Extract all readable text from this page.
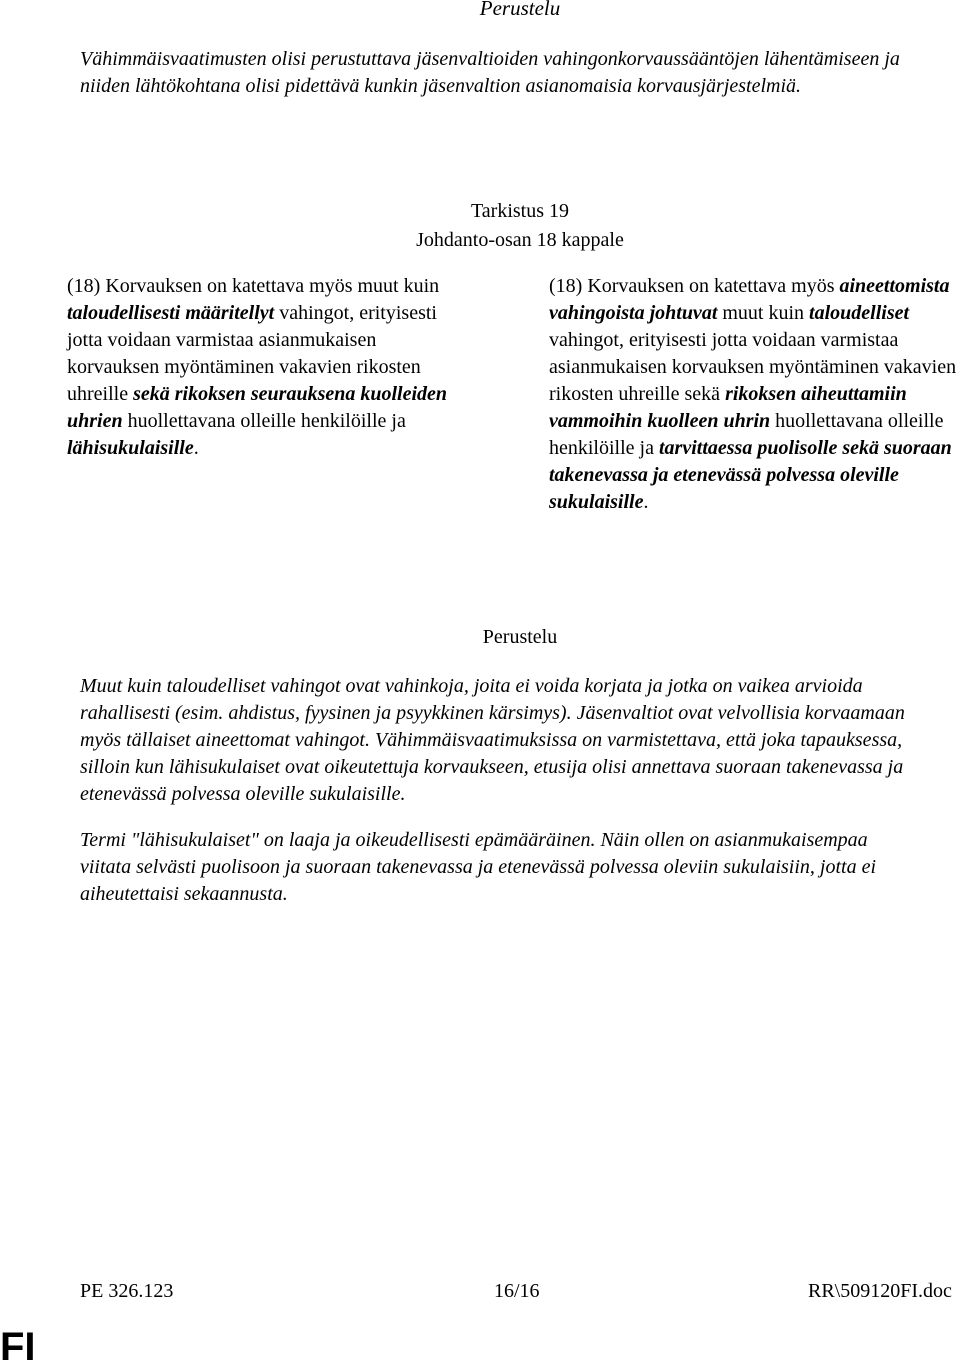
Perustelu
Vähimmäisvaatimusten olisi perustuttava jäsenvaltioiden vahingonkorvaussääntöjen lähentämiseen ja niiden lähtökohtana olisi pidettävä kunkin jäsenvaltion asianomaisia korvausjärjestelmiä.
Tarkistus 19
Johdanto-osan 18 kappale

(18) Korvauksen on katettava myös muut kuin taloudellisesti määritellyt vahingot, erityisesti jotta voidaan varmistaa asianmukaisen korvauksen myöntäminen vakavien rikosten uhreille sekä rikoksen seurauksena kuolleiden uhrien huollettavana olleille henkilöille ja lähisukulaisille.

(18) Korvauksen on katettava myös aineettomista vahingoista johtuvat muut kuin taloudelliset vahingot, erityisesti jotta voidaan varmistaa asianmukaisen korvauksen myöntäminen vakavien rikosten uhreille sekä rikoksen aiheuttamiin vammoihin kuolleen uhrin huollettavana olleille henkilöille ja tarvittaessa puolisolle sekä suoraan takenevassa ja etenevässä polvessa oleville sukulaisille.

Perustelu
Muut kuin taloudelliset vahingot ovat vahinkoja, joita ei voida korjata ja jotka on vaikea arvioida rahallisesti (esim. ahdistus, fyysinen ja psyykkinen kärsimys). Jäsenvaltiot ovat velvollisia korvaamaan myös tällaiset aineettomat vahingot. Vähimmäisvaatimuksissa on varmistettava, että joka tapauksessa, silloin kun lähisukulaiset ovat oikeutettuja korvaukseen, etusija olisi annettava suoraan takenevassa ja etenevässä polvessa oleville sukulaisille.
Termi "lähisukulaiset" on laaja ja oikeudellisesti epämääräinen. Näin ollen on asianmukaisempaa viitata selvästi puolisoon ja suoraan takenevassa ja etenevässä polvessa oleviin sukulaisiin, jotta ei aiheutettaisi sekaannusta.
PE 326.123	16/16	RR\509120FI.doc
FI
